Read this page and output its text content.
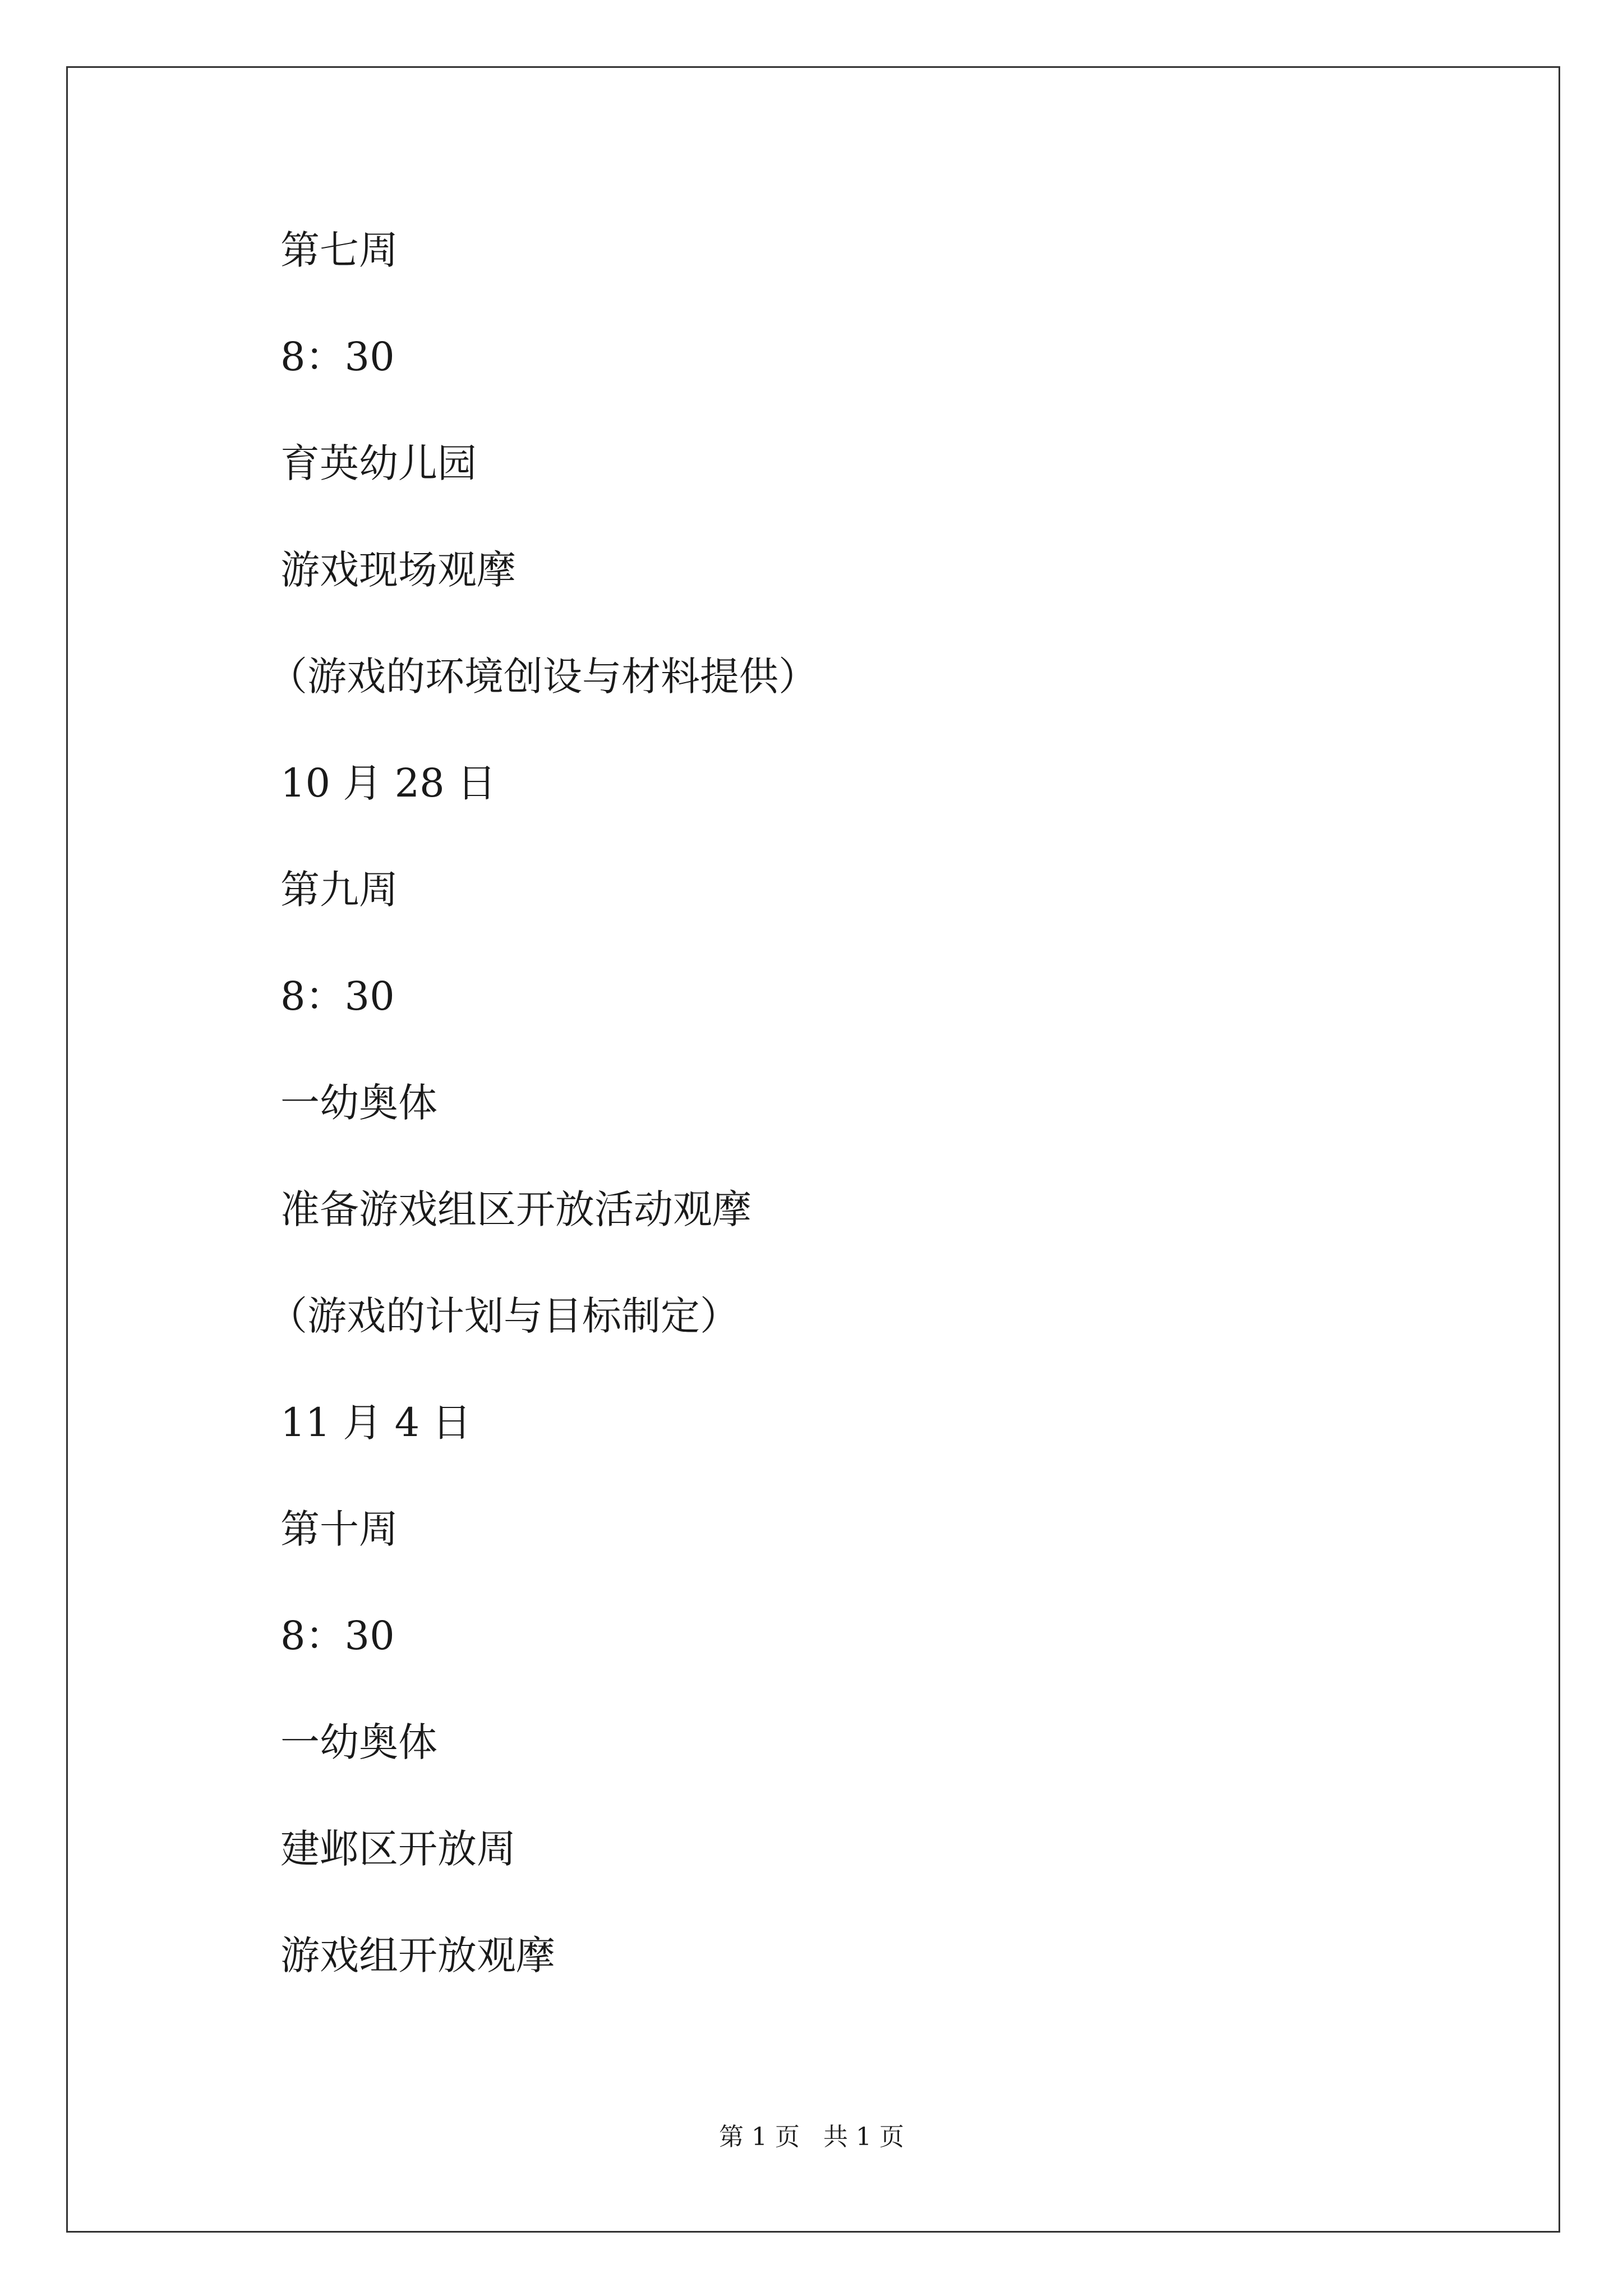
第七周
8：30
育英幼儿园
游戏现场观摩
（游戏的环境创设与材料提供）
10 月 28 日
第九周
8：30
一幼奥体
准备游戏组区开放活动观摩
（游戏的计划与目标制定）
11 月 4 日
第十周
8：30
一幼奥体
建邺区开放周
游戏组开放观摩
第 1 页   共 1 页
